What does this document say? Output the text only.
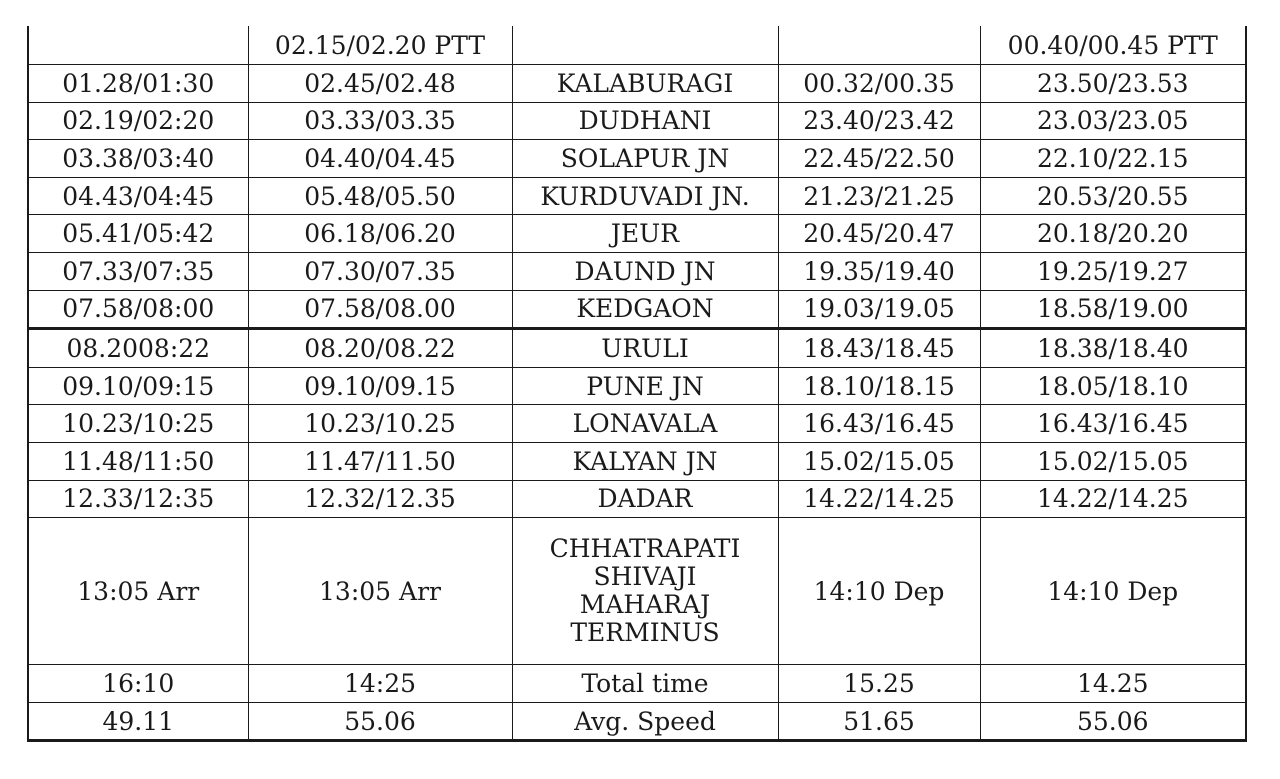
	02.15/02.20 PTT			00.40/00.45 PTT
01.28/01:30	02.45/02.48	KALABURAGI	00.32/00.35	23.50/23.53
02.19/02:20	03.33/03.35	DUDHANI	23.40/23.42	23.03/23.05
03.38/03:40	04.40/04.45	SOLAPUR JN	22.45/22.50	22.10/22.15
04.43/04:45	05.48/05.50	KURDUVADI JN.	21.23/21.25	20.53/20.55
05.41/05:42	06.18/06.20	JEUR	20.45/20.47	20.18/20.20
07.33/07:35	07.30/07.35	DAUND JN	19.35/19.40	19.25/19.27
07.58/08:00	07.58/08.00	KEDGAON	19.03/19.05	18.58/19.00
08.2008:22	08.20/08.22	URULI	18.43/18.45	18.38/18.40
09.10/09:15	09.10/09.15	PUNE JN	18.10/18.15	18.05/18.10
10.23/10:25	10.23/10.25	LONAVALA	16.43/16.45	16.43/16.45
11.48/11:50	11.47/11.50	KALYAN JN	15.02/15.05	15.02/15.05
12.33/12:35	12.32/12.35	DADAR	14.22/14.25	14.22/14.25
13:05 Arr	13:05 Arr	CHHATRAPATI
SHIVAJI
MAHARAJ
TERMINUS	14:10 Dep	14:10 Dep
16:10	14:25	Total time	15.25	14.25
49.11	55.06	Avg. Speed	51.65	55.06
